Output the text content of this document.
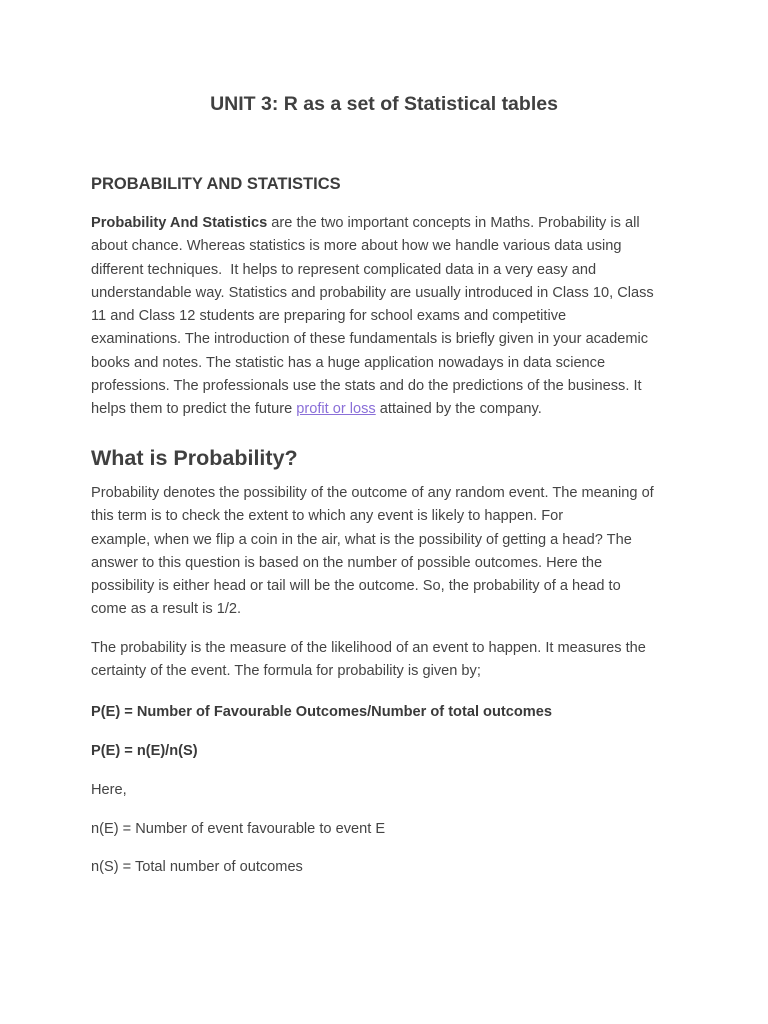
UNIT 3: R as a set of Statistical tables
PROBABILITY AND STATISTICS

Probability And Statistics are the two important concepts in Maths. Probability is all
about chance. Whereas statistics is more about how we handle various data using
different techniques.  It helps to represent complicated data in a very easy and
understandable way. Statistics and probability are usually introduced in Class 10, Class
11 and Class 12 students are preparing for school exams and competitive
examinations. The introduction of these fundamentals is briefly given in your academic
books and notes. The statistic has a huge application nowadays in data science
professions. The professionals use the stats and do the predictions of the business. It
helps them to predict the future profit or loss attained by the company.

What is Probability?

Probability denotes the possibility of the outcome of any random event. The meaning of
this term is to check the extent to which any event is likely to happen. For
example, when we flip a coin in the air, what is the possibility of getting a head? The
answer to this question is based on the number of possible outcomes. Here the
possibility is either head or tail will be the outcome. So, the probability of a head to
come as a result is 1/2.

The probability is the measure of the likelihood of an event to happen. It measures the
certainty of the event. The formula for probability is given by;

P(E) = Number of Favourable Outcomes/Number of total outcomes

P(E) = n(E)/n(S)

Here,

n(E) = Number of event favourable to event E

n(S) = Total number of outcomes
